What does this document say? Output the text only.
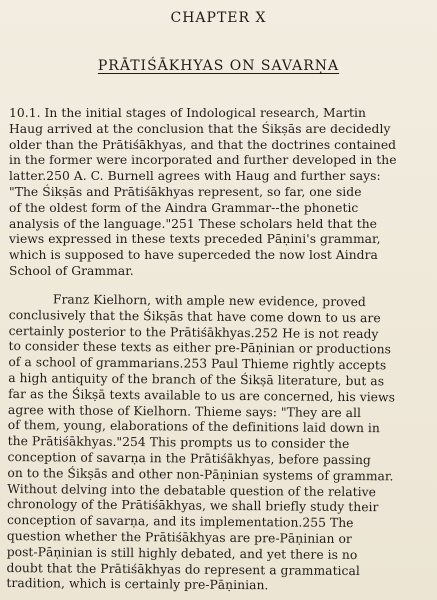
CHAPTER X
PRĀTIŚĀKHYAS ON SAVARṆA
10.1. In the initial stages of Indological research, Martin
Haug arrived at the conclusion that the Śikṣās are decidedly
older than the Prātiśākhyas, and that the doctrines contained
in the former were incorporated and further developed in the
latter.250 A. C. Burnell agrees with Haug and further says:
"The Śikṣās and Prātiśākhyas represent, so far, one side
of the oldest form of the Aindra Grammar--the phonetic
analysis of the language."251 These scholars held that the
views expressed in these texts preceded Pāṇini's grammar,
which is supposed to have superceded the now lost Aindra
School of Grammar.
Franz Kielhorn, with ample new evidence, proved
conclusively that the Śikṣās that have come down to us are
certainly posterior to the Prātiśākhyas.252 He is not ready
to consider these texts as either pre-Pāṇinian or productions
of a school of grammarians.253 Paul Thieme rightly accepts
a high antiquity of the branch of the Śikṣā literature, but as
far as the Śikṣā texts available to us are concerned, his views
agree with those of Kielhorn. Thieme says: "They are all
of them, young, elaborations of the definitions laid down in
the Prātiśākhyas."254 This prompts us to consider the
conception of savarṇa in the Prātiśākhyas, before passing
on to the Śikṣās and other non-Pāṇinian systems of grammar.
Without delving into the debatable question of the relative
chronology of the Prātiśākhyas, we shall briefly study their
conception of savarṇa, and its implementation.255 The
question whether the Prātiśākhyas are pre-Pāṇinian or
post-Pāṇinian is still highly debated, and yet there is no
doubt that the Prātiśākhyas do represent a grammatical
tradition, which is certainly pre-Pāṇinian.
